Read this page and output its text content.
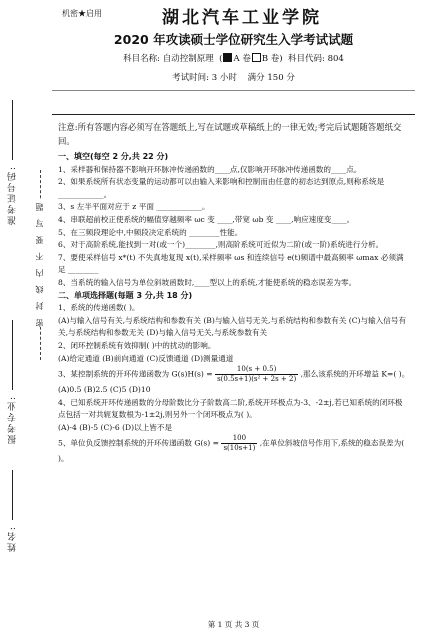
准考证号码:
密 封 线 内 不 要 写 题
报考专业:
姓名:
机密★启用	湖北汽车工业学院
2020 年攻读硕士学位研究生入学考试试题
科目名称: 自动控制原理  ( A 卷 B 卷)  科目代码: 804
考试时间: 3 小时 满分 150 分

注意:所有答题内容必须写在答题纸上,写在试题或草稿纸上的一律无效;考完后试题随答题纸交回。

一、填空(每空 2 分,共 22 分)

1、采样器和保持器不影响开环脉冲传递函数的____点,仅影响开环脉冲传递函数的____点。

2、如果系统所有状态变量的运动都可以由输入来影响和控制而由任意的初态达到原点,则称系统是____________。

3、s 左半平面对应于 z 平面 ____________。

4、串联超前校正使系统的幅值穿越频率 ωc 变 ____,带宽 ωb 变 ____,响应速度变____。

5、在三频段理论中,中频段决定系统的 ________性能。

6、对于高阶系统,能找到一对(或一个)________,则高阶系统可近似为二阶(或一阶)系统进行分析。

7、要使采样信号 x*(t) 不失真地复现 x(t),采样频率 ωs 和连续信号 e(t)频谱中最高频率 ωmax 必须满足 ________

8、当系统的输入信号为单位斜坡函数时,____型以上的系统,才能使系统的稳态误差为零。

二、单项选择题(每题 3 分,共 18 分)

1、系统的传递函数( )。

(A)与输入信号有关,与系统结构和参数有关 (B)与输入信号无关,与系统结构和参数有关 (C)与输入信号有关,与系统结构和参数无关 (D)与输入信号无关,与系统参数有关

2、闭环控制系统有效抑制( )中的扰动的影响。

(A)给定通道 (B)前向通道 (C)反馈通道 (D)测量通道

3、某控制系统的开环传递函数为 $G(s)H(s) = \frac{10(s + 0.5)}{\text{s(0.5s+1)(s² + 2s + 2)}}$ ,那么该系统的开环增益 K=( )。

(A)0.5 (B)2.5 (C)5 (D)10

4、已知系统开环传递函数的分母阶数比分子阶数高二阶,系统开环极点为-3、-2±j,若已知系统的闭环极点包括一对共轭复数根为-1±2j,则另外一个闭环极点为( )。

(A)-4 (B)-5 (C)-6 (D)以上皆不是

5、单位负反馈控制系统的开环传递函数 $G(s) = \frac{100}{s(10s+1)}$ ,在单位斜坡信号作用下,系统的稳态误差为( )。

第 1 页 共 3 页
